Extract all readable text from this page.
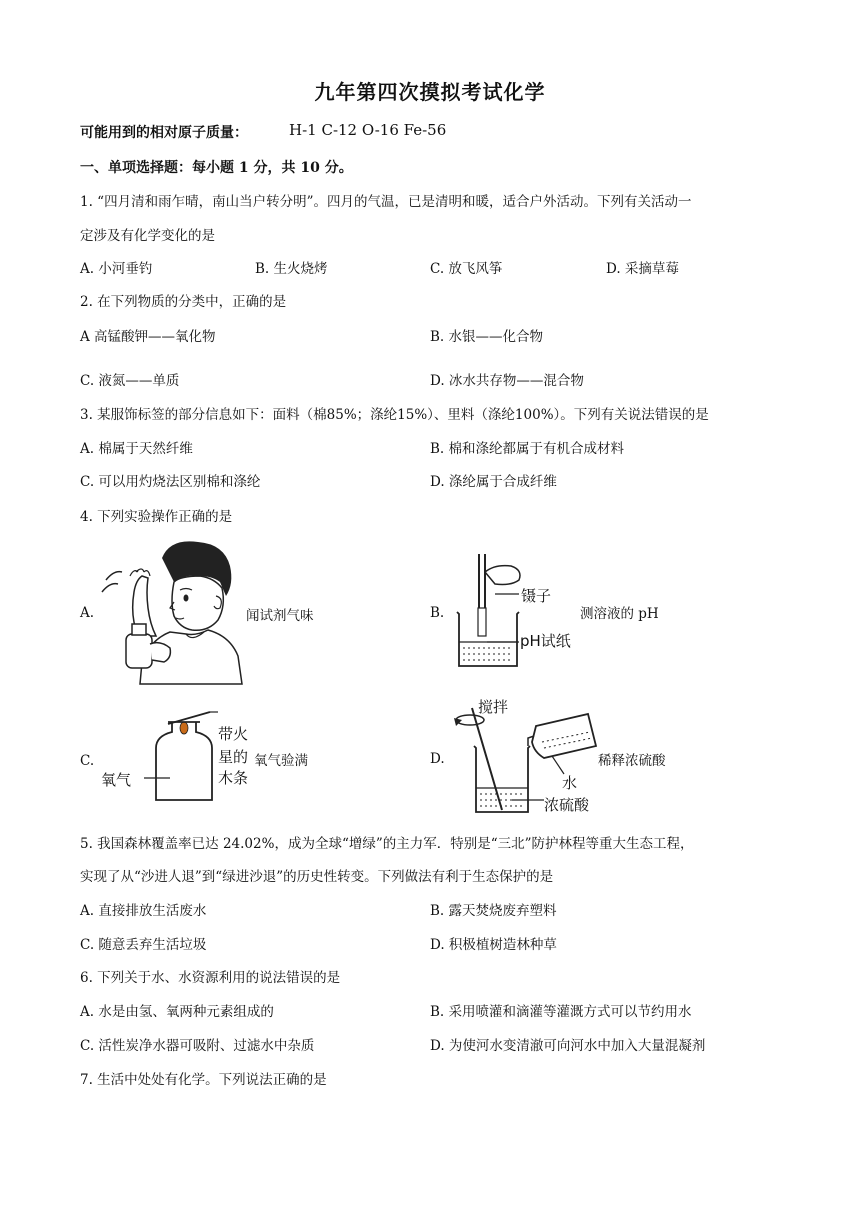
九年第四次摸拟考试化学
可能用到的相对原子质量：	H-1 C-12 O-16 Fe-56
一、单项选择题：每小题 1 分，共 10 分。
1. “四月清和雨乍晴，南山当户转分明”。四月的气温，已是清明和暖，适合户外活动。下列有关活动一
定涉及有化学变化的是
A. 小河垂钓	B. 生火烧烤	C. 放飞风筝	D. 采摘草莓
2. 在下列物质的分类中，正确的是
A 高锰酸钾——氧化物	B. 水银——化合物
C. 液氮——单质	D. 冰水共存物——混合物
3. 某服饰标签的部分信息如下：面料（棉85%；涤纶15%）、里料（涤纶100%）。下列有关说法错误的是
A. 棉属于天然纤维	B. 棉和涤纶都属于有机合成材料
C. 可以用灼烧法区别棉和涤纶	D. 涤纶属于合成纤维
4. 下列实验操作正确的是
A.	闻试剂气味	B.
镊子
pH试纸
测溶液的 pH
C.
带火
星的 氧气验满
木条
氧气
D.
搅拌
稀释浓硫酸
水
浓硫酸
5. 我国森林覆盖率已达 24.02%，成为全球“增绿”的主力军．特别是“三北”防护林程等重大生态工程，
实现了从“沙进人退”到“绿进沙退”的历史性转变。下列做法有利于生态保护的是
A. 直接排放生活废水	B. 露天焚烧废弃塑料
C. 随意丢弃生活垃圾	D. 积极植树造林种草
6. 下列关于水、水资源利用的说法错误的是
A. 水是由氢、氧两种元素组成的	B. 采用喷灌和滴灌等灌溉方式可以节约用水
C. 活性炭净水器可吸附、过滤水中杂质	D. 为使河水变清澈可向河水中加入大量混凝剂
7. 生活中处处有化学。下列说法正确的是
